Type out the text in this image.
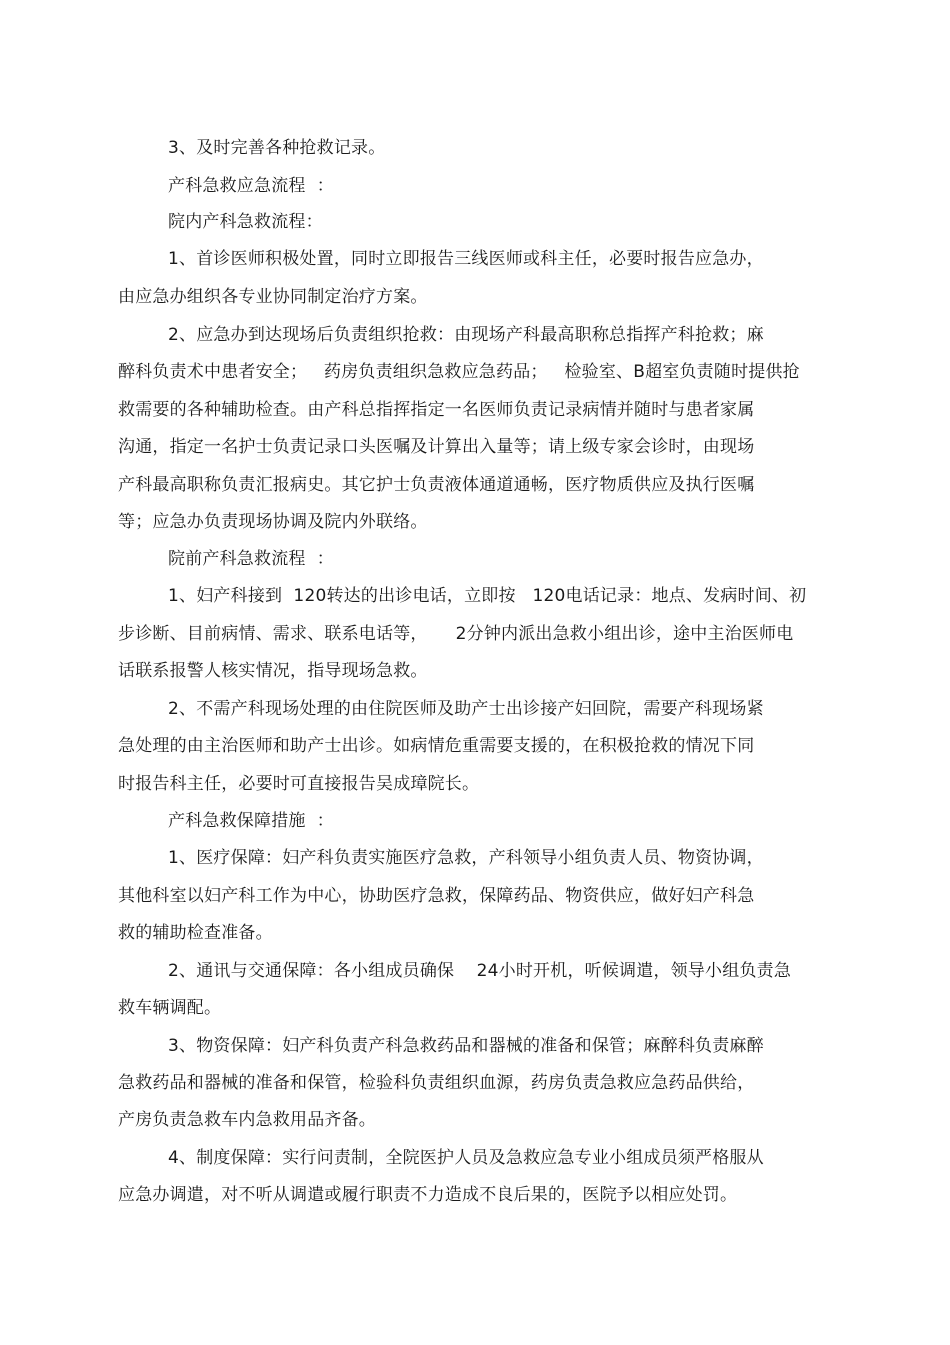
3、及时完善各种抢救记录。
产科急救应急流程  ：
院内产科急救流程：
1、首诊医师积极处置，同时立即报告三线医师或科主任，必要时报告应急办，
由应急办组织各专业协同制定治疗方案。
2、应急办到达现场后负责组织抢救：由现场产科最高职称总指挥产科抢救；麻
醉科负责术中患者安全；   药房负责组织急救应急药品；   检验室、B超室负责随时提供抢
救需要的各种辅助检查。由产科总指挥指定一名医师负责记录病情并随时与患者家属
沟通，指定一名护士负责记录口头医嘱及计算出入量等；请上级专家会诊时，由现场
产科最高职称负责汇报病史。其它护士负责液体通道通畅，医疗物质供应及执行医嘱
等；应急办负责现场协调及院内外联络。
院前产科急救流程  ：
1、妇产科接到  120转达的出诊电话，立即按   120电话记录：地点、发病时间、初
步诊断、目前病情、需求、联系电话等，     2分钟内派出急救小组出诊，途中主治医师电
话联系报警人核实情况，指导现场急救。
2、不需产科现场处理的由住院医师及助产士出诊接产妇回院，需要产科现场紧
急处理的由主治医师和助产士出诊。如病情危重需要支援的，在积极抢救的情况下同
时报告科主任，必要时可直接报告吴成璋院长。
产科急救保障措施  ：
1、医疗保障：妇产科负责实施医疗急救，产科领导小组负责人员、物资协调，
其他科室以妇产科工作为中心，协助医疗急救，保障药品、物资供应，做好妇产科急
救的辅助检查准备。
2、通讯与交通保障：各小组成员确保    24小时开机，听候调遣，领导小组负责急
救车辆调配。
3、物资保障：妇产科负责产科急救药品和器械的准备和保管；麻醉科负责麻醉
急救药品和器械的准备和保管，检验科负责组织血源，药房负责急救应急药品供给，
产房负责急救车内急救用品齐备。
4、制度保障：实行问责制，全院医护人员及急救应急专业小组成员须严格服从
应急办调遣，对不听从调遣或履行职责不力造成不良后果的，医院予以相应处罚。
